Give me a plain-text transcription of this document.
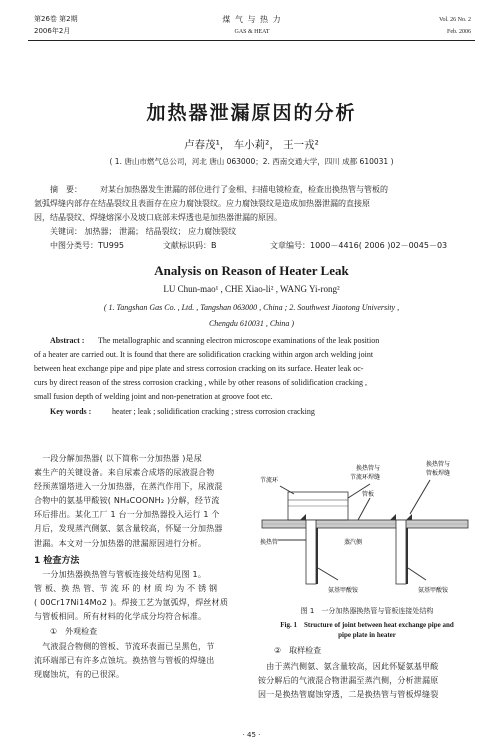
第26卷 第2期
2006年2月
煤 气 与 热 力
GAS & HEAT
Vol. 26 No. 2
Feb. 2006
加热器泄漏原因的分析
卢春茂¹， 车小莉²， 王一戎²
( 1. 唐山市燃气总公司，河北 唐山 063000；2. 西南交通大学，四川 成都 610031 )
摘　要： 对某台加热器发生泄漏的部位进行了金相、扫描电镜检查，检查出换热管与管板的
氩弧焊缝内部存在结晶裂纹且表面存在应力腐蚀裂纹。应力腐蚀裂纹是造成加热器泄漏的直接原
因，结晶裂纹、焊缝熔深小及坡口底部未焊透也是加热器泄漏的原因。
关键词： 加热器； 泄漏； 结晶裂纹； 应力腐蚀裂纹
中图分类号：TU995	文献标识码：B	文章编号：1000－4416( 2006 )02－0045－03
Analysis on Reason of Heater Leak
LU Chun-mao¹ , CHE Xiao-li² , WANG Yi-rong²
( 1. Tangshan Gas Co. , Ltd. , Tangshan 063000 , China ; 2. Southwest Jiaotong University ,
Chengdu 610031 , China )
Abstract : The metallographic and scanning electron microscope examinations of the leak position
of a heater are carried out. It is found that there are solidification cracking within argon arch welding joint
between heat exchange pipe and pipe plate and stress corrosion cracking on its surface. Heater leak oc-
curs by direct reason of the stress corrosion cracking , while by other reasons of solidification cracking ,
small fusion depth of welding joint and non-penetration at groove foot etc.
Key words :	heater ; leak ; solidification cracking ; stress corrosion cracking

　一段分解加热器( 以下简称一分加热器 )是尿

素生产的关键设备。来自尿素合成塔的尿液混合物

经预蒸馏塔进入一分加热器，在蒸汽作用下，尿液混

合物中的氨基甲酸铵( NH₄COONH₂ )分解，经节流

环后排出。某化工厂 1 台一分加热器投入运行 1 个

月后，发现蒸汽侧氨、氨含量较高，怀疑一分加热器

泄漏。本文对一分加热器的泄漏原因进行分析。

1 检查方法

　一分加热器换热管与管板连接处结构见图 1。

管 板、换 热 管、节 流 环 的 材 质 均 为 不 锈 钢

( 00Cr17Ni14Mo2 )。焊接工艺为氩弧焊，焊丝材质

与管板相同。所有材料的化学成分均符合标准。

①　外观检查

　气液混合物侧的管板、节流环表面已呈黑色，节

流环端部已有许多点蚀坑。换热管与管板的焊缝出

现腐蚀坑，有的已很深。

节流环
换热管与
节流环焊缝
换热管与
管板焊缝
管板
换热管	蒸汽侧
氨基甲酸铵	氨基甲酸铵
图 1　一分加热器换热管与管板连接处结构
Fig. 1　Structure of joint between heat exchange pipe and
pipe plate in heater
②　取样检查

　由于蒸汽侧氨、氨含量较高，因此怀疑氨基甲酸

铵分解后的气液混合物泄漏至蒸汽侧，分析泄漏原

因一是换热管腐蚀穿透，二是换热管与管板焊缝裂

· 45 ·
